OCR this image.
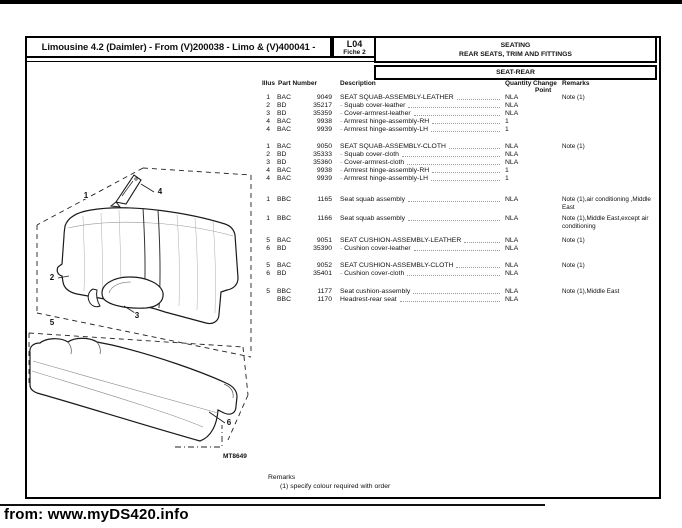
Limousine 4.2 (Daimler) - From (V)200038 - Limo & (V)400041 -	L04
Fiche 2
SEATING
REAR SEATS, TRIM AND FITTINGS
SEAT-REAR
Illus Part Number	Description	Quantity Change
Point
Remarks
1 BAC	9049 SEAT SQUAB-ASSEMBLY-LEATHER	NLA	Note (1)
2 BD	35217 · Squab cover-leather	NLA
3 BD	35359 · Cover-armrest-leather	NLA
4 BAC	9938 · Armrest hinge-assembly-RH	1
4 BAC	9939 · Armrest hinge-assembly-LH	1
1 BAC	9050 SEAT SQUAB-ASSEMBLY-CLOTH	NLA	Note (1)
2 BD	35333 · Squab cover-cloth	NLA
3 BD	35360 · Cover-armrest-cloth	NLA
4 BAC	9938 · Armrest hinge-assembly-RH	1
4 BAC	9939 · Armrest hinge-assembly-LH	1
1 BBC	1165 Seat squab assembly	NLA	Note (1),air conditioning ,Middle East
1 BBC	1166 Seat squab assembly	NLA	Note (1),Middle East,except air conditioning
5 BAC	9051 SEAT CUSHION-ASSEMBLY-LEATHER	NLA	Note (1)
6 BD	35390 · Cushion cover-leather	NLA
5 BAC	9052 SEAT CUSHION-ASSEMBLY-CLOTH	NLA	Note (1)
6 BD	35401 · Cushion cover-cloth	NLA
5 BBC	1177 Seat cushion-assembly	NLA	Note (1),Middle East
BBC	1170 Headrest-rear seat	NLA
Remarks
(1) specify colour required with order
1
2
3
4
5
6
MT8649
from: www.myDS420.info
